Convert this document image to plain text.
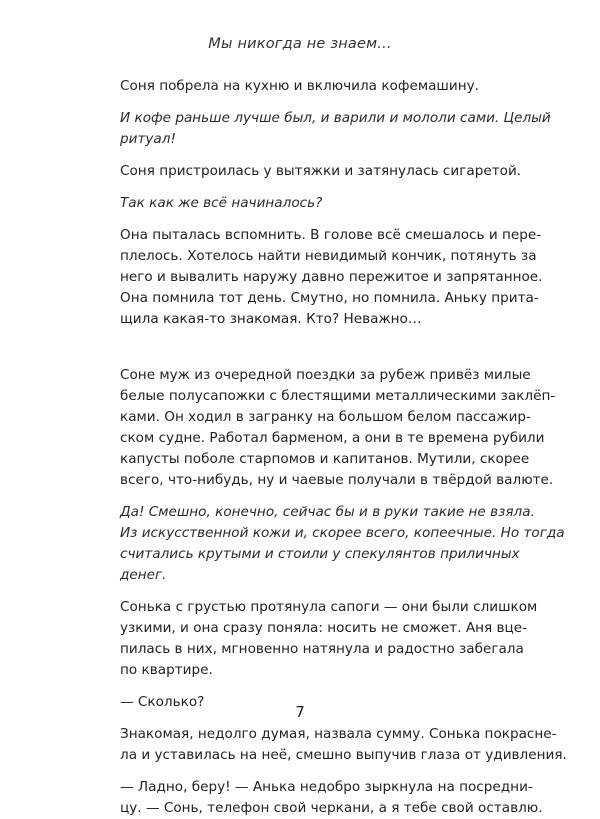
Мы никогда не знаем...
Соня побрела на кухню и включила кофемашину.
И кофе раньше лучше был, и варили и мололи сами. Целый
ритуал!
Соня пристроилась у вытяжки и затянулась сигаретой.
Так как же всё начиналось?
Она пыталась вспомнить. В голове всё смешалось и пере-
плелось. Хотелось найти невидимый кончик, потянуть за
него и вывалить наружу давно пережитое и запрятанное.
Она помнила тот день. Смутно, но помнила. Аньку прита-
щила какая-то знакомая. Кто? Неважно…
Соне муж из очередной поездки за рубеж привёз милые
белые полусапожки с блестящими металлическими заклёп-
ками. Он ходил в загранку на большом белом пассажир-
ском судне. Работал барменом, а они в те времена рубили
капусты поболе старпомов и капитанов. Мутили, скорее
всего, что-нибудь, ну и чаевые получали в твёрдой валюте.
Да! Смешно, конечно, сейчас бы и в руки такие не взяла.
Из искусственной кожи и, скорее всего, копеечные. Но тогда
считались крутыми и стоили у спекулянтов приличных
денег.
Сонька с грустью протянула сапоги — они были слишком
узкими, и она сразу поняла: носить не сможет. Аня вце-
пилась в них, мгновенно натянула и радостно забегала
по квартире.
— Сколько?
Знакомая, недолго думая, назвала сумму. Сонька покрасне-
ла и уставилась на неё, смешно выпучив глаза от удивления.
— Ладно, беру! — Анька недобро зыркнула на посредни-
цу. — Сонь, телефон свой черкани, а я тебе свой оставлю.
7
